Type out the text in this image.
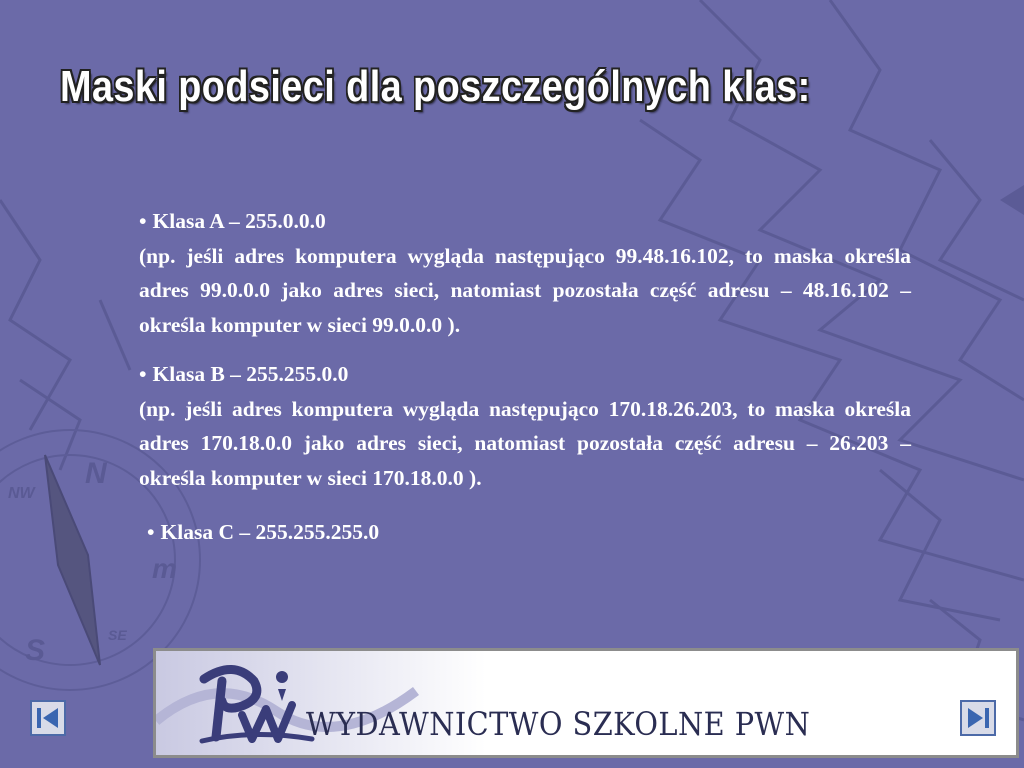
N
NW
m
SE
S
Maski podsieci dla poszczególnych klas:
• Klasa A – 255.0.0.0
(np. jeśli adres komputera wygląda następująco 99.48.16.102, to maska określa adres 99.0.0.0 jako adres sieci, natomiast pozostała część adresu – 48.16.102 – określa komputer w sieci 99.0.0.0 ).
• Klasa B – 255.255.0.0
(np. jeśli adres komputera wygląda następująco 170.18.26.203, to maska określa adres 170.18.0.0 jako adres sieci, natomiast pozostała część adresu – 26.203 – określa komputer w sieci 170.18.0.0 ).
• Klasa C – 255.255.255.0
WYDAWNICTWO SZKOLNE PWN
